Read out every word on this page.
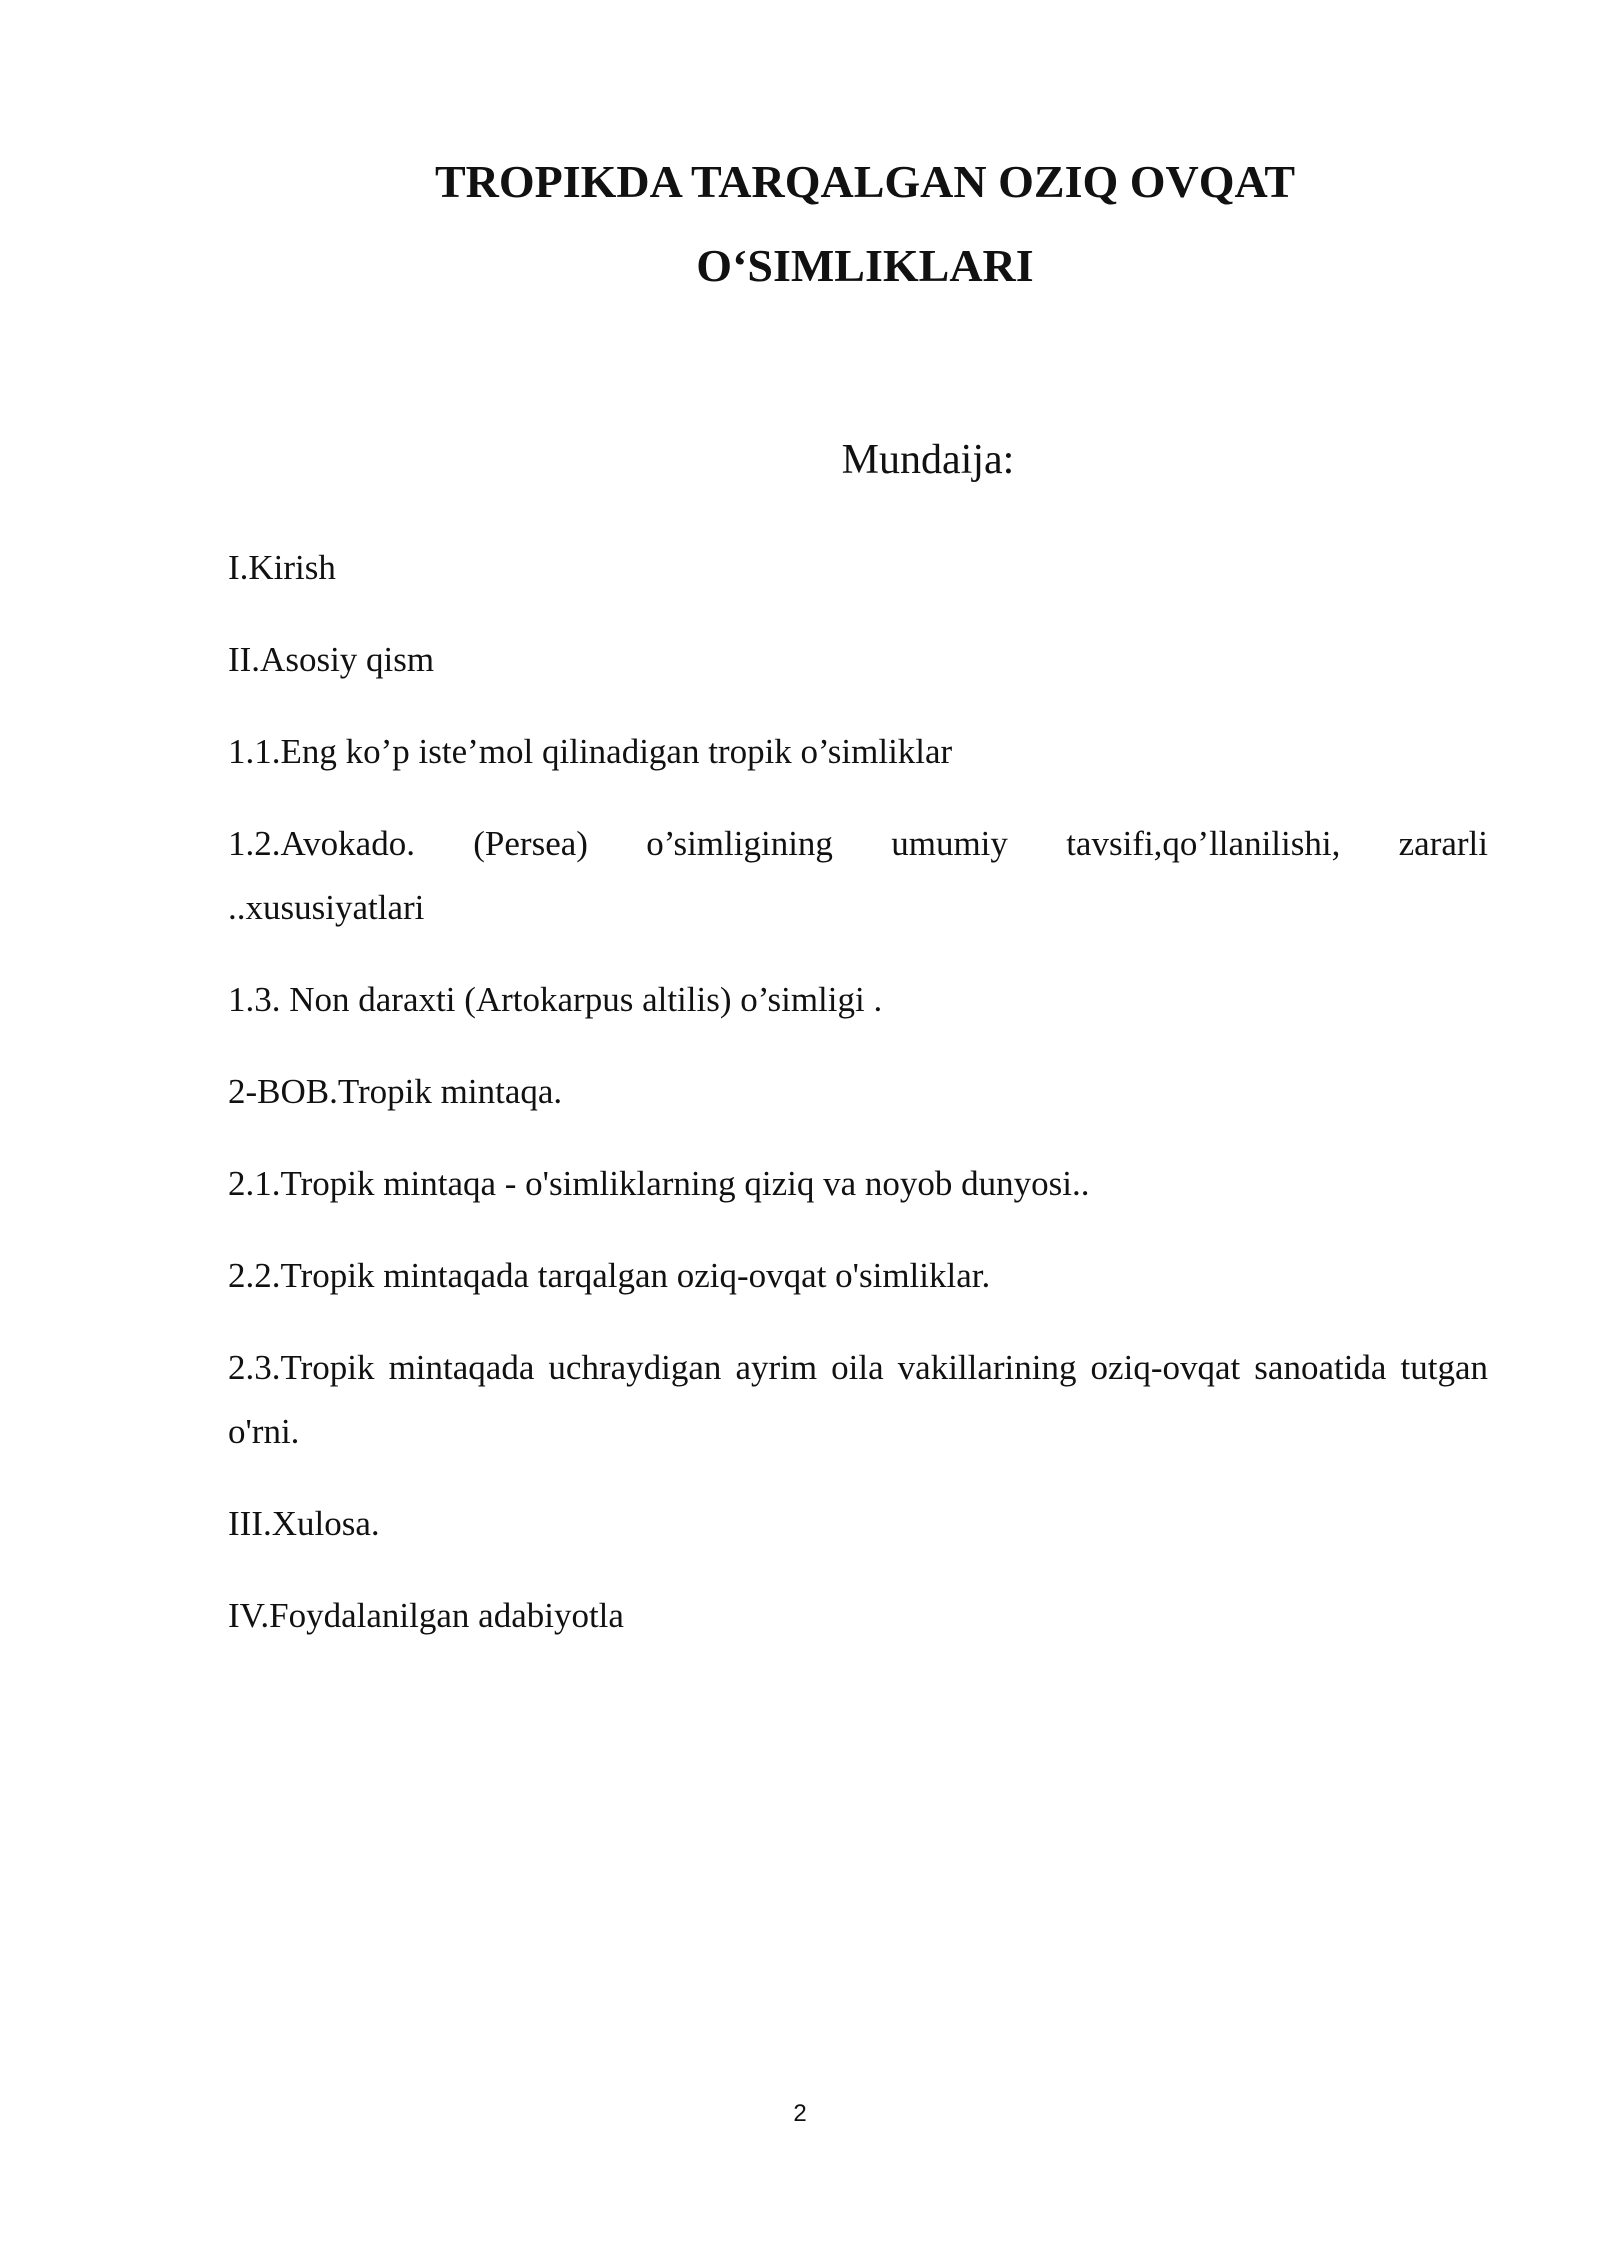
TROPIKDA TARQALGAN OZIQ OVQAT
O‘SIMLIKLARI
Mundaija:
I.Kirish
II.Asosiy qism
1.1.Eng ko’p iste’mol qilinadigan tropik o’simliklar
1.2.Avokado. (Persea) o’simligining umumiy tavsifi,qo’llanilishi, zararli ..xususiyatlari
1.3. Non daraxti (Artokarpus altilis) o’simligi .
2-BOB.Tropik mintaqa.
2.1.Tropik mintaqa - o'simliklarning qiziq va noyob dunyosi..
2.2.Tropik mintaqada tarqalgan oziq-ovqat o'simliklar.
2.3.Tropik mintaqada uchraydigan ayrim oila vakillarining oziq-ovqat sanoatida tutgan o'rni.
III.Xulosa.
IV.Foydalanilgan adabiyotla

2
